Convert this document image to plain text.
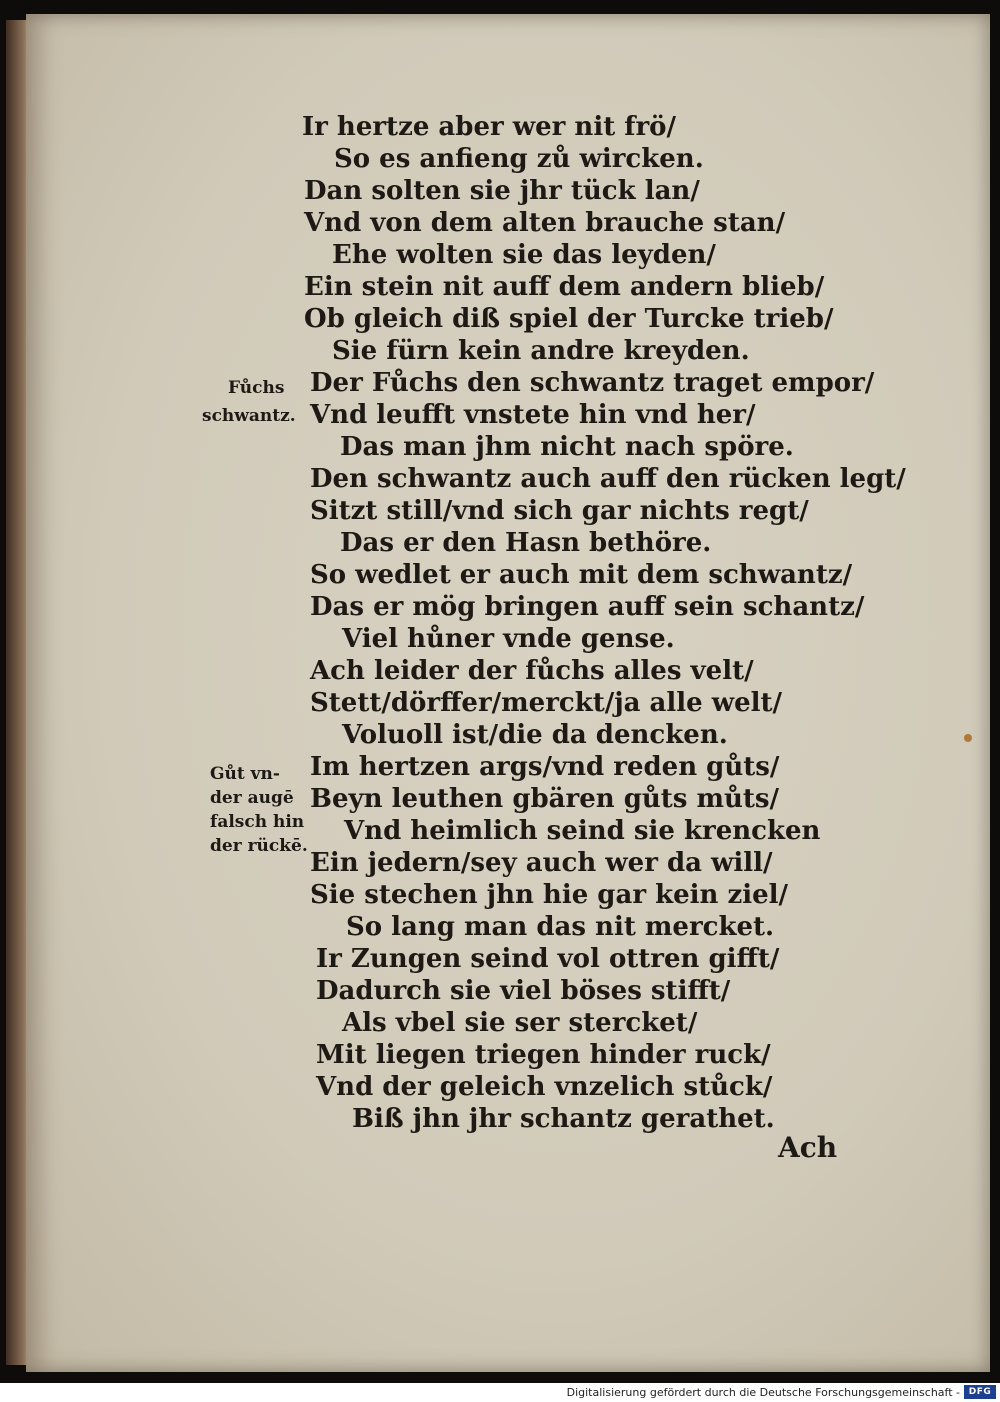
Ir hertze aber wer nit frö/

So es anfieng zů wircken.

Dan solten sie jhr tück lan/

Vnd von dem alten brauche stan/

Ehe wolten sie das leyden/

Ein stein nit auff dem andern blieb/

Ob gleich diß spiel der Turcke trieb/

Sie fürn kein andre kreyden.

Der Fůchs den schwantz traget empor/

Vnd leufft vnstete hin vnd her/

Das man jhm nicht nach spöre.

Den schwantz auch auff den rücken legt/

Sitzt still/vnd sich gar nichts regt/

Das er den Hasn bethöre.

So wedlet er auch mit dem schwantz/

Das er mög bringen auff sein schantz/

Viel hůner vnde gense.

Ach leider der fůchs alles velt/

Stett/dörffer/merckt/ja alle welt/

Voluoll ist/die da dencken.

Im hertzen args/vnd reden gůts/

Beyn leuthen gbären gůts můts/

Vnd heimlich seind sie krencken

Ein jedern/sey auch wer da will/

Sie stechen jhn hie gar kein ziel/

So lang man das nit mercket.

Ir Zungen seind vol ottren gifft/

Dadurch sie viel böses stifft/

Als vbel sie ser stercket/

Mit liegen triegen hinder ruck/

Vnd der geleich vnzelich stůck/

Biß jhn jhr schantz gerathet.

Fůchs

schwantz.

Gůt vn-

der augē

falsch hin

der rückē.

Ach

Digitalisierung gefördert durch die Deutsche Forschungsgemeinschaft - DFG
